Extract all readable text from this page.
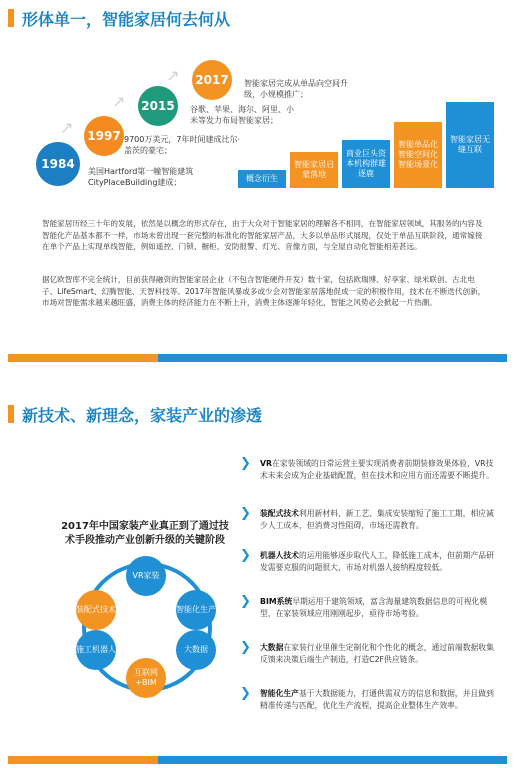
形体单一，智能家居何去何从
↗
↗
↗
1984
1997
2015
2017
美国Hartford第一幢智能建筑CityPlaceBuilding建成；
9700万美元，7年时间建成比尔·盖茨的豪宅；
谷歌、苹果、海尔、阿里、小米等发力布局智能家居；
智能家居完成从单品向空间升级，小规模推广；
概念衍生
智能家居启蒙落地
商业巨头资本机构群雄逐鹿
智能单品化智能空间化智能场景化
智能家居无缝互联

智能家居历经三十年的发展，依然是以概念的形式存在，由于大众对于智能家居的理解各不相同，在智能家居领域，其服务的内容及智能化产品基本都不一样，市场未曾出现一套完整的标准化的智能家居产品，大多以单品形式展现，仅处于单品互联阶段，通常嫁接在单个产品上实现单线智能，例如遥控、门锁、橱柜、安防报警、灯光、音像方面，与全屋自动化智能相差甚远。

据亿欧智库不完全统计，目前获得融资的智能家居企业（不包含智能硬件开发）数十家，包括欧瑞博、好享家、绿米联创、古北电子、LifeSmart、幻腾智能、天智科技等。2017年智能风暴或多或少会对智能家居落地促成一定的积极作用，技术在不断迭代创新，市场对智能需求越来越旺盛，消费主体的经济能力在不断上升，消费主体逐渐年轻化，智能之风势必会掀起一片热潮。

新技术、新理念，家装产业的渗透
2017年中国家装产业真正到了通过技术手段推动产业创新升级的关键阶段
VR家装
装配式技术	智能化生产
施工机器人	大数据
互联网+BIM
❯ VR在家装领域的日常运营主要实现消费者前期装修效果体验，VR技术未来会成为企业基础配置，但在技术和应用方面还需要不断提升。

❯ 装配式技术利用新材料、新工艺、集成安装缩短了施工工期，相应减少人工成本，但消费习性阻碍，市场还需教育。

❯ 机器人技术的运用能够逐步取代人工，降低施工成本，但前期产品研发需要克服的问题很大，市场对机器人接纳程度较低。

❯ BIM系统早期运用于建筑领域，富含海量建筑数据信息的可视化模型，在家装领域应用刚刚起步，亟待市场考验。

❯ 大数据在家装行业里催生定制化和个性化的概念，通过前端数据收集反馈来决策后端生产制造，打造C2F供应链条。

❯ 智能化生产基于大数据能力，打通供需双方的信息和数据，并且做到精准传递与匹配，优化生产流程，提高企业整体生产效率。
